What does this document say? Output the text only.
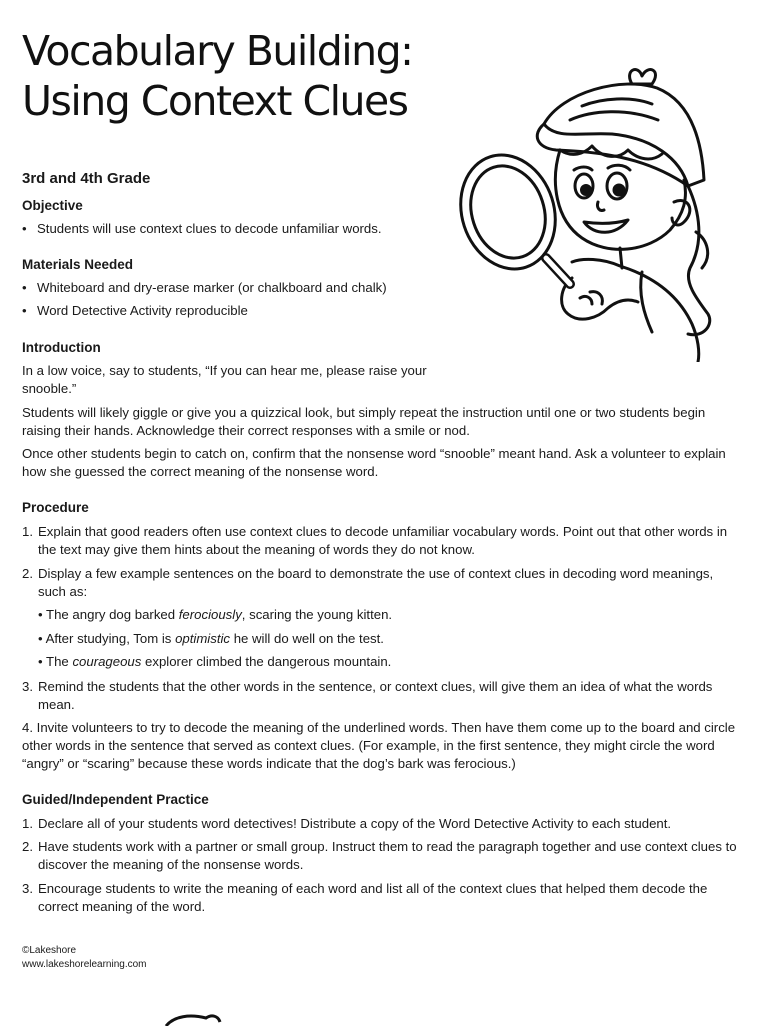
Vocabulary Building:
Using Context Clues
3rd and 4th Grade
Objective
• Students will use context clues to decode unfamiliar words.
Materials Needed
• Whiteboard and dry-erase marker (or chalkboard and chalk)
• Word Detective Activity reproducible
Introduction

In a low voice, say to students, “If you can hear me, please raise your snooble.”

Students will likely giggle or give you a quizzical look, but simply repeat the instruction until one or two students begin raising their hands. Acknowledge their correct responses with a smile or nod.

Once other students begin to catch on, confirm that the nonsense word “snooble” meant hand. Ask a volunteer to explain how she guessed the correct meaning of the nonsense word.

Procedure
1. Explain that good readers often use context clues to decode unfamiliar vocabulary words. Point out that other words in the text may give them hints about the meaning of words they do not know.
2. Display a few example sentences on the board to demonstrate the use of context clues in decoding word meanings, such as:
• The angry dog barked ferociously, scaring the young kitten.
• After studying, Tom is optimistic he will do well on the test.
• The courageous explorer climbed the dangerous mountain.
3. Remind the students that the other words in the sentence, or context clues, will give them an idea of what the words mean.
4. Invite volunteers to try to decode the meaning of the underlined words. Then have them come up to the board and circle other words in the sentence that served as context clues. (For example, in the first sentence, they might circle the word “angry” or “scaring” because these words indicate that the dog’s bark was ferocious.)
Guided/Independent Practice
1. Declare all of your students word detectives! Distribute a copy of the Word Detective Activity to each student.
2. Have students work with a partner or small group. Instruct them to read the paragraph together and use context clues to discover the meaning of the nonsense words.
3. Encourage students to write the meaning of each word and list all of the context clues that helped them decode the correct meaning of the word.
©Lakeshore
www.lakeshorelearning.com
